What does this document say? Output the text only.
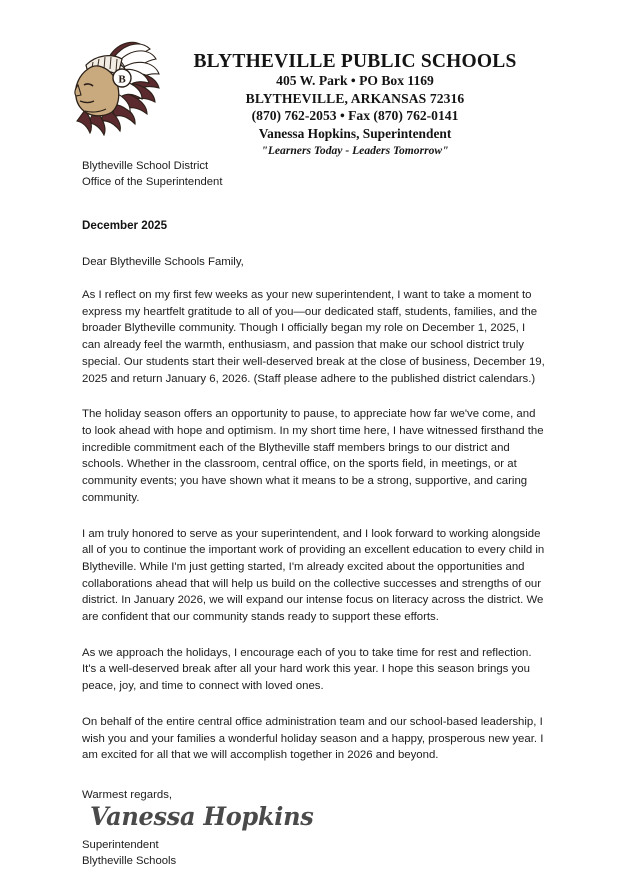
B
BLYTHEVILLE PUBLIC SCHOOLS
405 W. Park • PO Box 1169
BLYTHEVILLE, ARKANSAS 72316
(870) 762-2053 • Fax (870) 762-0141
Vanessa Hopkins, Superintendent
"Learners Today - Leaders Tomorrow"
Blytheville School District
Office of the Superintendent
December 2025
Dear Blytheville Schools Family,

As I reflect on my first few weeks as your new superintendent, I want to take a moment to express my heartfelt gratitude to all of you—our dedicated staff, students, families, and the broader Blytheville community. Though I officially began my role on December 1, 2025, I can already feel the warmth, enthusiasm, and passion that make our school district truly special. Our students start their well-deserved break at the close of business, December 19, 2025 and return January 6, 2026. (Staff please adhere to the published district calendars.)

The holiday season offers an opportunity to pause, to appreciate how far we've come, and to look ahead with hope and optimism. In my short time here, I have witnessed firsthand the incredible commitment each of the Blytheville staff members brings to our district and schools. Whether in the classroom, central office, on the sports field, in meetings, or at community events; you have shown what it means to be a strong, supportive, and caring community.

I am truly honored to serve as your superintendent, and I look forward to working alongside all of you to continue the important work of providing an excellent education to every child in Blytheville. While I'm just getting started, I'm already excited about the opportunities and collaborations ahead that will help us build on the collective successes and strengths of our district. In January 2026, we will expand our intense focus on literacy across the district. We are confident that our community stands ready to support these efforts.

As we approach the holidays, I encourage each of you to take time for rest and reflection. It's a well-deserved break after all your hard work this year. I hope this season brings you peace, joy, and time to connect with loved ones.

On behalf of the entire central office administration team and our school-based leadership, I wish you and your families a wonderful holiday season and a happy, prosperous new year. I am excited for all that we will accomplish together in 2026 and beyond.

Warmest regards,
Vanessa Hopkins
Superintendent
Blytheville Schools
